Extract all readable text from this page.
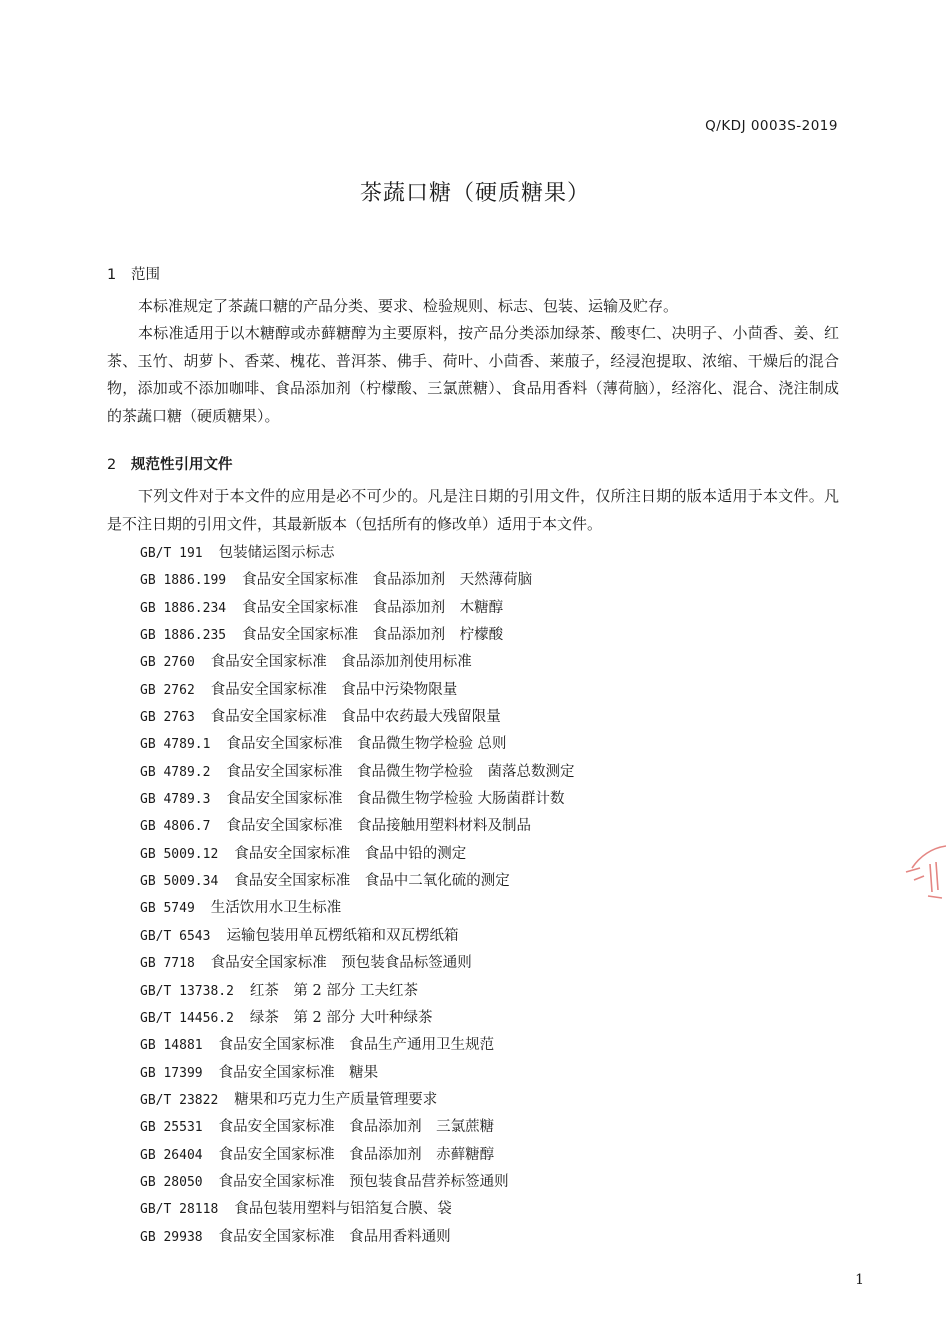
Q/KDJ 0003S-2019
茶蔬口糖（硬质糖果）
1 范围

本标准规定了茶蔬口糖的产品分类、要求、检验规则、标志、包装、运输及贮存。

本标准适用于以木糖醇或赤藓糖醇为主要原料，按产品分类添加绿茶、酸枣仁、决明子、小茴香、姜、红茶、玉竹、胡萝卜、香菜、槐花、普洱茶、佛手、荷叶、小茴香、莱菔子，经浸泡提取、浓缩、干燥后的混合物，添加或不添加咖啡、食品添加剂（柠檬酸、三氯蔗糖）、食品用香料（薄荷脑），经溶化、混合、浇注制成的茶蔬口糖（硬质糖果）。

2 规范性引用文件

下列文件对于本文件的应用是必不可少的。凡是注日期的引用文件，仅所注日期的版本适用于本文件。凡是不注日期的引用文件，其最新版本（包括所有的修改单）适用于本文件。

GB/T 191 包装储运图示标志
GB 1886.199 食品安全国家标准　食品添加剂　天然薄荷脑
GB 1886.234 食品安全国家标准　食品添加剂　木糖醇
GB 1886.235 食品安全国家标准　食品添加剂　柠檬酸
GB 2760 食品安全国家标准　食品添加剂使用标准
GB 2762 食品安全国家标准　食品中污染物限量
GB 2763 食品安全国家标准　食品中农药最大残留限量
GB 4789.1 食品安全国家标准　食品微生物学检验 总则
GB 4789.2 食品安全国家标准　食品微生物学检验　菌落总数测定
GB 4789.3 食品安全国家标准　食品微生物学检验 大肠菌群计数
GB 4806.7 食品安全国家标准　食品接触用塑料材料及制品
GB 5009.12 食品安全国家标准　食品中铅的测定
GB 5009.34 食品安全国家标准　食品中二氧化硫的测定
GB 5749 生活饮用水卫生标准
GB/T 6543 运输包装用单瓦楞纸箱和双瓦楞纸箱
GB 7718 食品安全国家标准　预包装食品标签通则
GB/T 13738.2 红茶　第 2 部分 工夫红茶
GB/T 14456.2 绿茶　第 2 部分 大叶种绿茶
GB 14881 食品安全国家标准　食品生产通用卫生规范
GB 17399 食品安全国家标准　糖果
GB/T 23822 糖果和巧克力生产质量管理要求
GB 25531 食品安全国家标准　食品添加剂　三氯蔗糖
GB 26404 食品安全国家标准　食品添加剂　赤藓糖醇
GB 28050 食品安全国家标准　预包装食品营养标签通则
GB/T 28118 食品包装用塑料与铝箔复合膜、袋
GB 29938 食品安全国家标准　食品用香料通则
1
